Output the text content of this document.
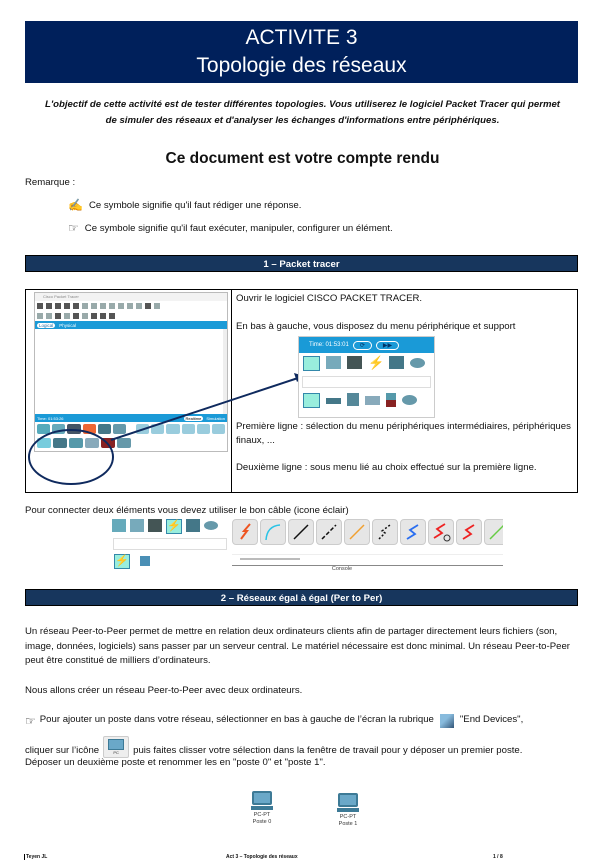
ACTIVITE 3
Topologie des réseaux
L'objectif de cette activité est de tester différentes topologies. Vous utiliserez le logiciel Packet Tracer qui permet
de simuler des réseaux et d'analyser les échanges d'informations entre périphériques.
Ce document est votre compte rendu
Remarque :
✍ Ce symbole signifie qu'il faut rédiger une réponse.
☞ Ce symbole signifie qu'il faut exécuter, manipuler, configurer un élément.
1 – Packet tracer
Cisco Packet Tracer
Logical	Physical
Time: 01:53:26	Realtime	Simulation
Ouvrir le logiciel CISCO PACKET TRACER.
En bas à gauche, vous disposez du menu périphérique et support
Time: 01:53:01	⟳	▶▶
⚡
Première ligne : sélection du menu périphériques intermédiaires, périphériques finaux, ...
Deuxième ligne : sous menu lié au choix effectué sur la première ligne.
Pour connecter deux éléments vous devez utiliser le bon câble (icone éclair)
⚡
⚡
Console
2 – Réseaux égal à égal (Per to Per)
Un réseau Peer-to-Peer permet de mettre en relation deux ordinateurs clients afin de partager directement leurs fichiers (son, image, données, logiciels) sans passer par un serveur central. Le matériel nécessaire est donc minimal. Un réseau Peer-to-Peer peut être constitué de milliers d’ordinateurs.
Nous allons créer un réseau Peer-to-Peer avec deux ordinateurs.
☞ Pour ajouter un poste dans votre réseau, sélectionner en bas à gauche de l’écran la rubrique	"End Devices",
cliquer sur l’icône	PC	puis faites clisser votre sélection dans la fenêtre de travail pour y déposer un premier poste.
Déposer un deuxième poste et renommer les en "poste 0" et "poste 1".
PC-PT
Poste 0
PC-PT
Poste 1
Teyen JL	Act 3 – Topologie des réseaux	1 / 8
